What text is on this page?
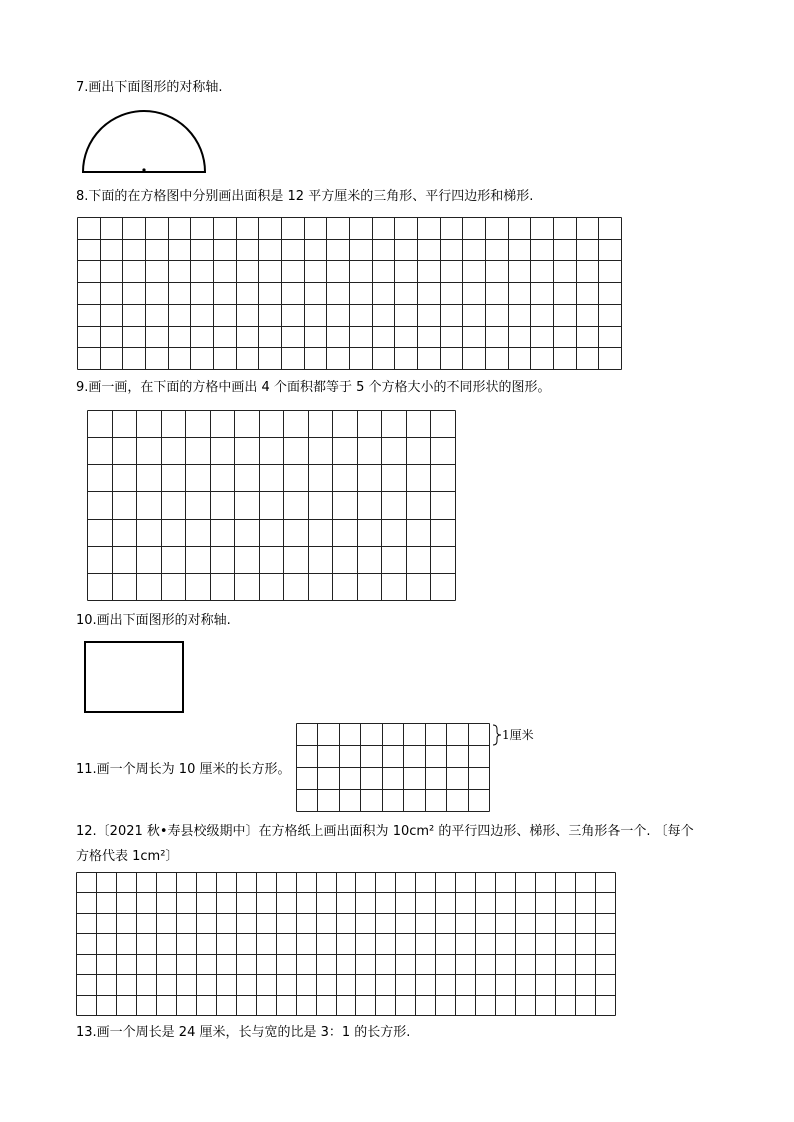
7.画出下面图形的对称轴.
8.下面的在方格图中分别画出面积是 12 平方厘米的三角形、平行四边形和梯形.
9.画一画，在下面的方格中画出 4 个面积都等于 5 个方格大小的不同形状的图形。
10.画出下面图形的对称轴.
1厘米
11.画一个周长为 10 厘米的长方形。
12.〔2021 秋•寿县校级期中〕在方格纸上画出面积为 10cm² 的平行四边形、梯形、三角形各一个. 〔每个
方格代表 1cm²〕
13.画一个周长是 24 厘米，长与宽的比是 3：1 的长方形.
